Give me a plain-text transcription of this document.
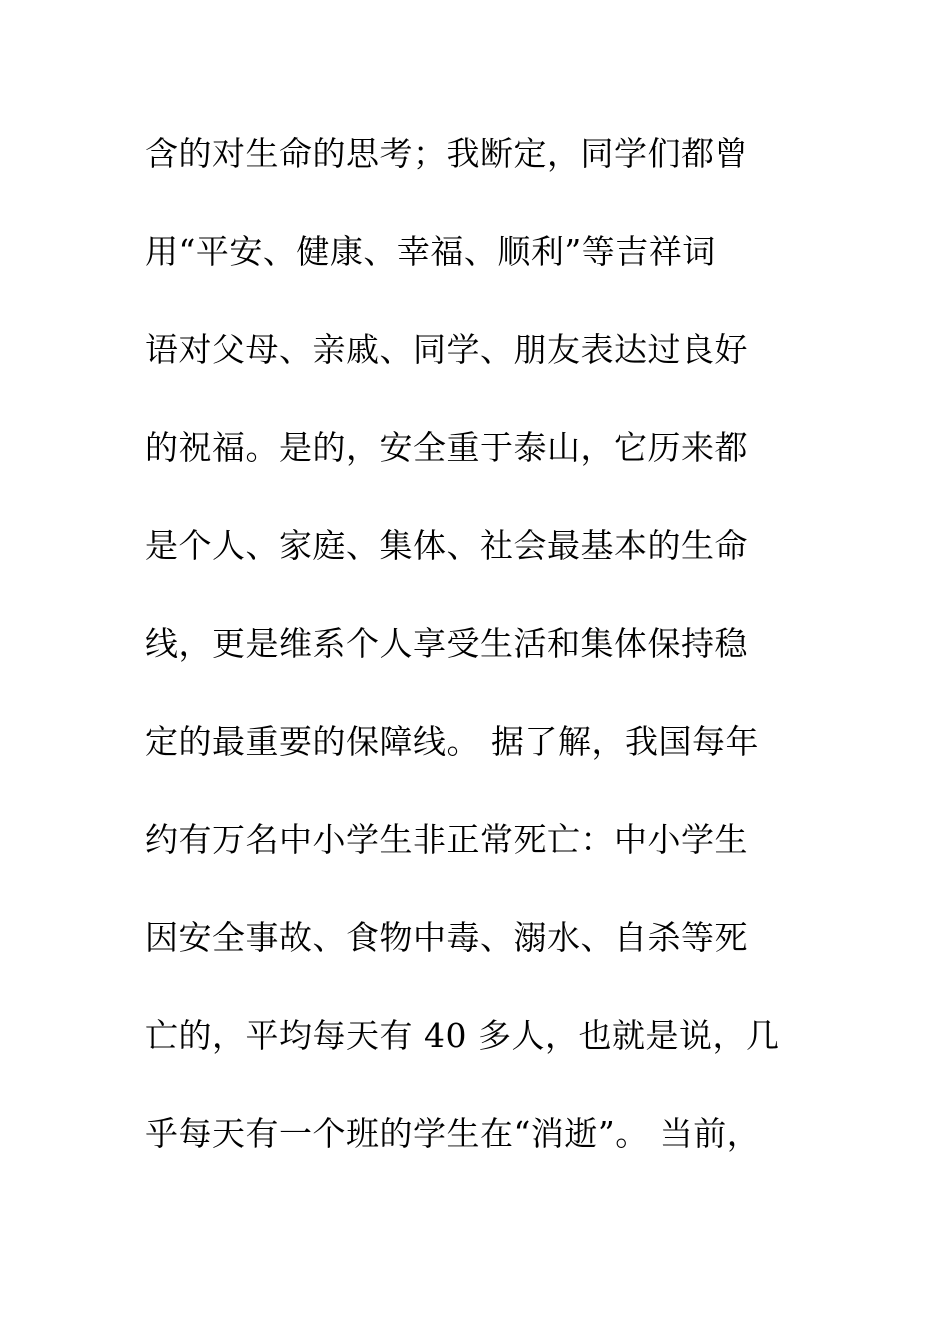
含的对生命的思考；我断定，同学们都曾
用“平安、健康、幸福、顺利”等吉祥词
语对父母、亲戚、同学、朋友表达过良好
的祝福。是的，安全重于泰山，它历来都
是个人、家庭、集体、社会最基本的生命
线，更是维系个人享受生活和集体保持稳
定的最重要的保障线。 据了解，我国每年
约有万名中小学生非正常死亡：中小学生
因安全事故、食物中毒、溺水、自杀等死
亡的，平均每天有 40 多人，也就是说，几
乎每天有一个班的学生在“消逝”。 当前，
